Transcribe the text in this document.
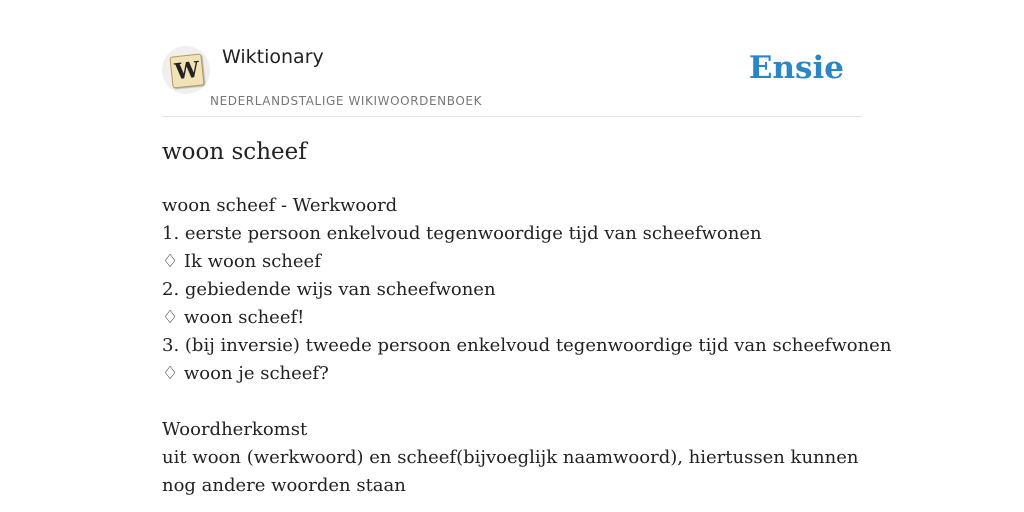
W Wiktionary
NEDERLANDSTALIGE WIKIWOORDENBOEK
Ensie
woon scheef
woon scheef - Werkwoord
1. eerste persoon enkelvoud tegenwoordige tijd van scheefwonen
♢ Ik woon scheef
2. gebiedende wijs van scheefwonen
♢ woon scheef!
3. (bij inversie) tweede persoon enkelvoud tegenwoordige tijd van scheefwonen
♢ woon je scheef?
Woordherkomst
uit woon (werkwoord) en scheef(bijvoeglijk naamwoord), hiertussen kunnen nog andere woorden staan
